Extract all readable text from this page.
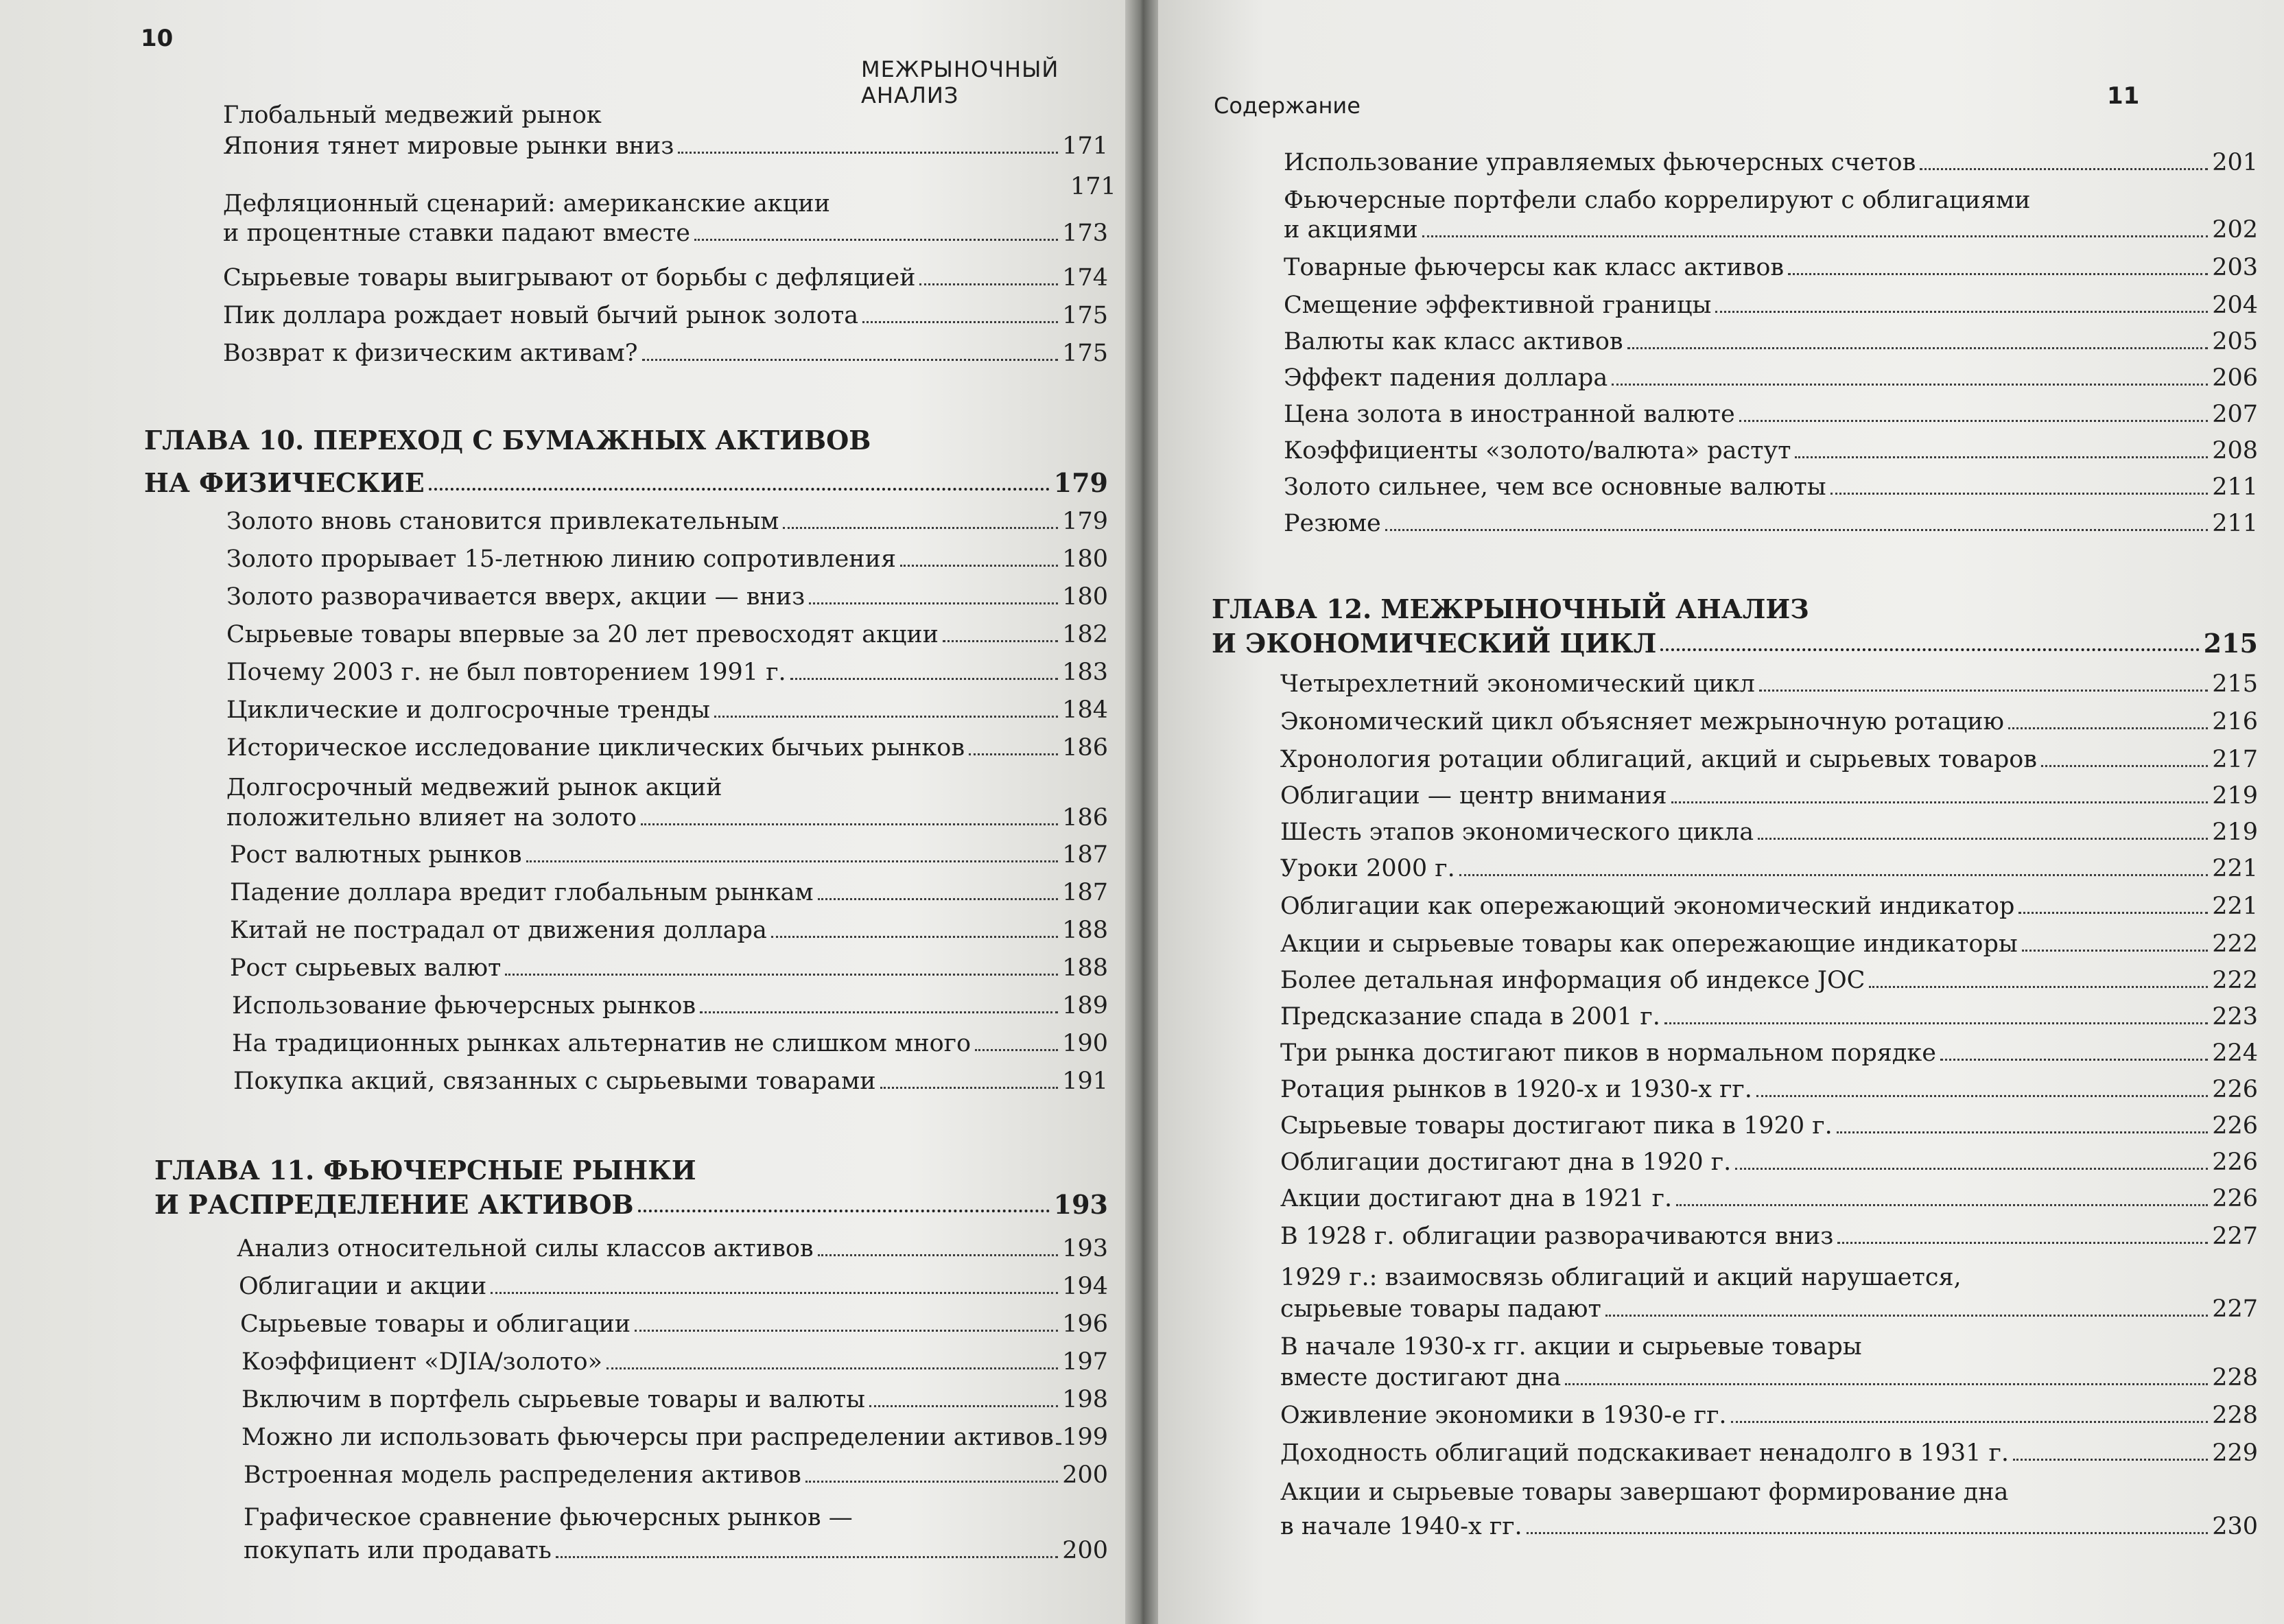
10
МЕЖРЫНОЧНЫЙ АНАЛИЗ
Глобальный медвежий рынок
Япония тянет мировые рынки вниз	171
171
Дефляционный сценарий: американские акции
и процентные ставки падают вместе	173
Сырьевые товары выигрывают от борьбы с дефляцией	174
Пик доллара рождает новый бычий рынок золота	175
Возврат к физическим активам?	175
ГЛАВА 10. ПЕРЕХОД С БУМАЖНЫХ АКТИВОВ
НА ФИЗИЧЕСКИЕ	179
Золото вновь становится привлекательным	179
Золото прорывает 15-летнюю линию сопротивления	180
Золото разворачивается вверх, акции — вниз	180
Сырьевые товары впервые за 20 лет превосходят акции	182
Почему 2003 г. не был повторением 1991 г.	183
Циклические и долгосрочные тренды	184
Историческое исследование циклических бычьих рынков	186
Долгосрочный медвежий рынок акций
положительно влияет на золото	186
Рост валютных рынков	187
Падение доллара вредит глобальным рынкам	187
Китай не пострадал от движения доллара	188
Рост сырьевых валют	188
Использование фьючерсных рынков	189
На традиционных рынках альтернатив не слишком много	190
Покупка акций, связанных с сырьевыми товарами	191
ГЛАВА 11. ФЬЮЧЕРСНЫЕ РЫНКИ
И РАСПРЕДЕЛЕНИЕ АКТИВОВ	193
Анализ относительной силы классов активов	193
Облигации и акции	194
Сырьевые товары и облигации	196
Коэффициент «DJIA/золото»	197
Включим в портфель сырьевые товары и валюты	198
Можно ли использовать фьючерсы при распределении активов 199
Встроенная модель распределения активов	200
Графическое сравнение фьючерсных рынков —
покупать или продавать	200
Содержание	11
Использование управляемых фьючерсных счетов	201
Фьючерсные портфели слабо коррелируют с облигациями
и акциями	202
Товарные фьючерсы как класс активов	203
Смещение эффективной границы	204
Валюты как класс активов	205
Эффект падения доллара	206
Цена золота в иностранной валюте	207
Коэффициенты «золото/валюта» растут	208
Золото сильнее, чем все основные валюты	211
Резюме	211
ГЛАВА 12. МЕЖРЫНОЧНЫЙ АНАЛИЗ
И ЭКОНОМИЧЕСКИЙ ЦИКЛ	215
Четырехлетний экономический цикл	215
Экономический цикл объясняет межрыночную ротацию	216
Хронология ротации облигаций, акций и сырьевых товаров	217
Облигации — центр внимания	219
Шесть этапов экономического цикла	219
Уроки 2000 г.	221
Облигации как опережающий экономический индикатор	221
Акции и сырьевые товары как опережающие индикаторы	222
Более детальная информация об индексе JOC	222
Предсказание спада в 2001 г.	223
Три рынка достигают пиков в нормальном порядке	224
Ротация рынков в 1920-х и 1930-х гг.	226
Сырьевые товары достигают пика в 1920 г.	226
Облигации достигают дна в 1920 г.	226
Акции достигают дна в 1921 г.	226
В 1928 г. облигации разворачиваются вниз	227
1929 г.: взаимосвязь облигаций и акций нарушается,
сырьевые товары падают	227
В начале 1930-х гг. акции и сырьевые товары
вместе достигают дна	228
Оживление экономики в 1930-е гг.	228
Доходность облигаций подскакивает ненадолго в 1931 г.	229
Акции и сырьевые товары завершают формирование дна
в начале 1940-х гг.	230
